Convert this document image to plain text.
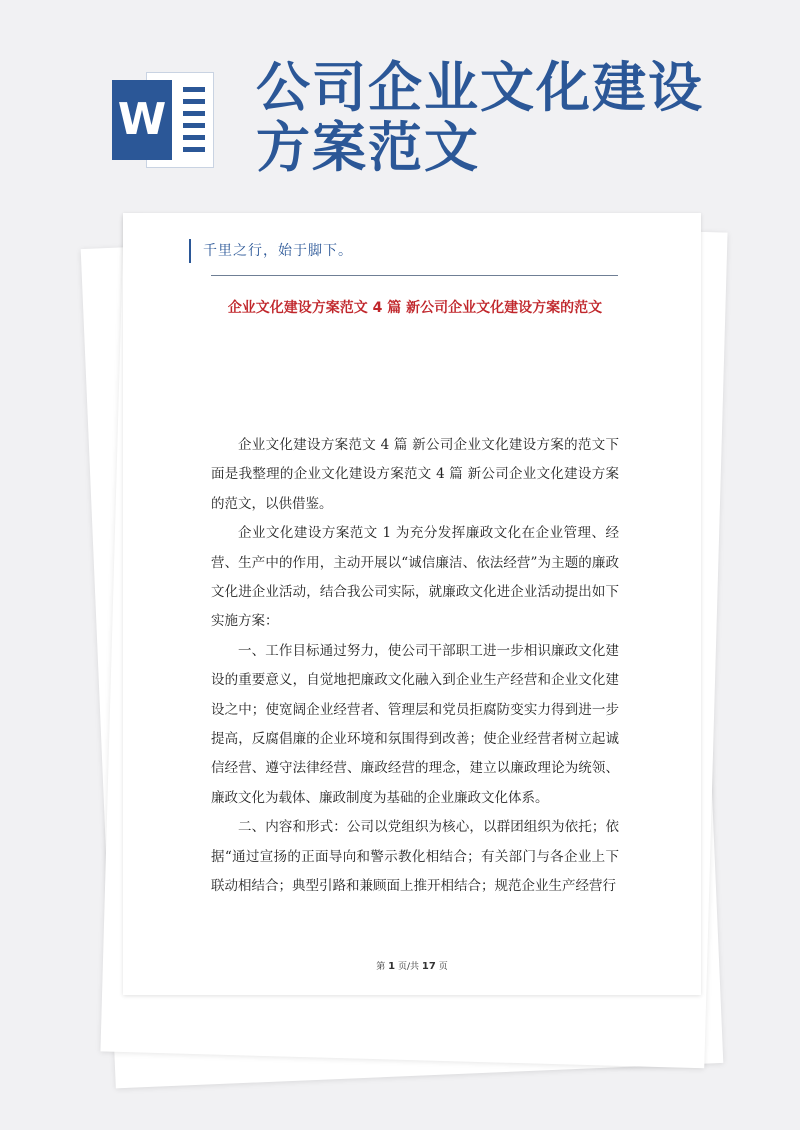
W
公司企业文化建设方案范文
千里之行，始于脚下。
企业文化建设方案范文 4 篇 新公司企业文化建设方案的范文

企业文化建设方案范文 4 篇 新公司企业文化建设方案的范文下面是我整理的企业文化建设方案范文 4 篇 新公司企业文化建设方案的范文，以供借鉴。

企业文化建设方案范文 1 为充分发挥廉政文化在企业管理、经营、生产中的作用，主动开展以“诚信廉洁、依法经营”为主题的廉政文化进企业活动，结合我公司实际，就廉政文化进企业活动提出如下实施方案：

一、工作目标通过努力，使公司干部职工进一步相识廉政文化建设的重要意义，自觉地把廉政文化融入到企业生产经营和企业文化建设之中；使宽阔企业经营者、管理层和党员拒腐防变实力得到进一步提高，反腐倡廉的企业环境和氛围得到改善；使企业经营者树立起诚信经营、遵守法律经营、廉政经营的理念，建立以廉政理论为统领、廉政文化为载体、廉政制度为基础的企业廉政文化体系。

二、内容和形式：公司以党组织为核心，以群团组织为依托；依据“通过宣扬的正面导向和警示教化相结合；有关部门与各企业上下联动相结合；典型引路和兼顾面上推开相结合；规范企业生产经营行

第 1 页/共 17 页
